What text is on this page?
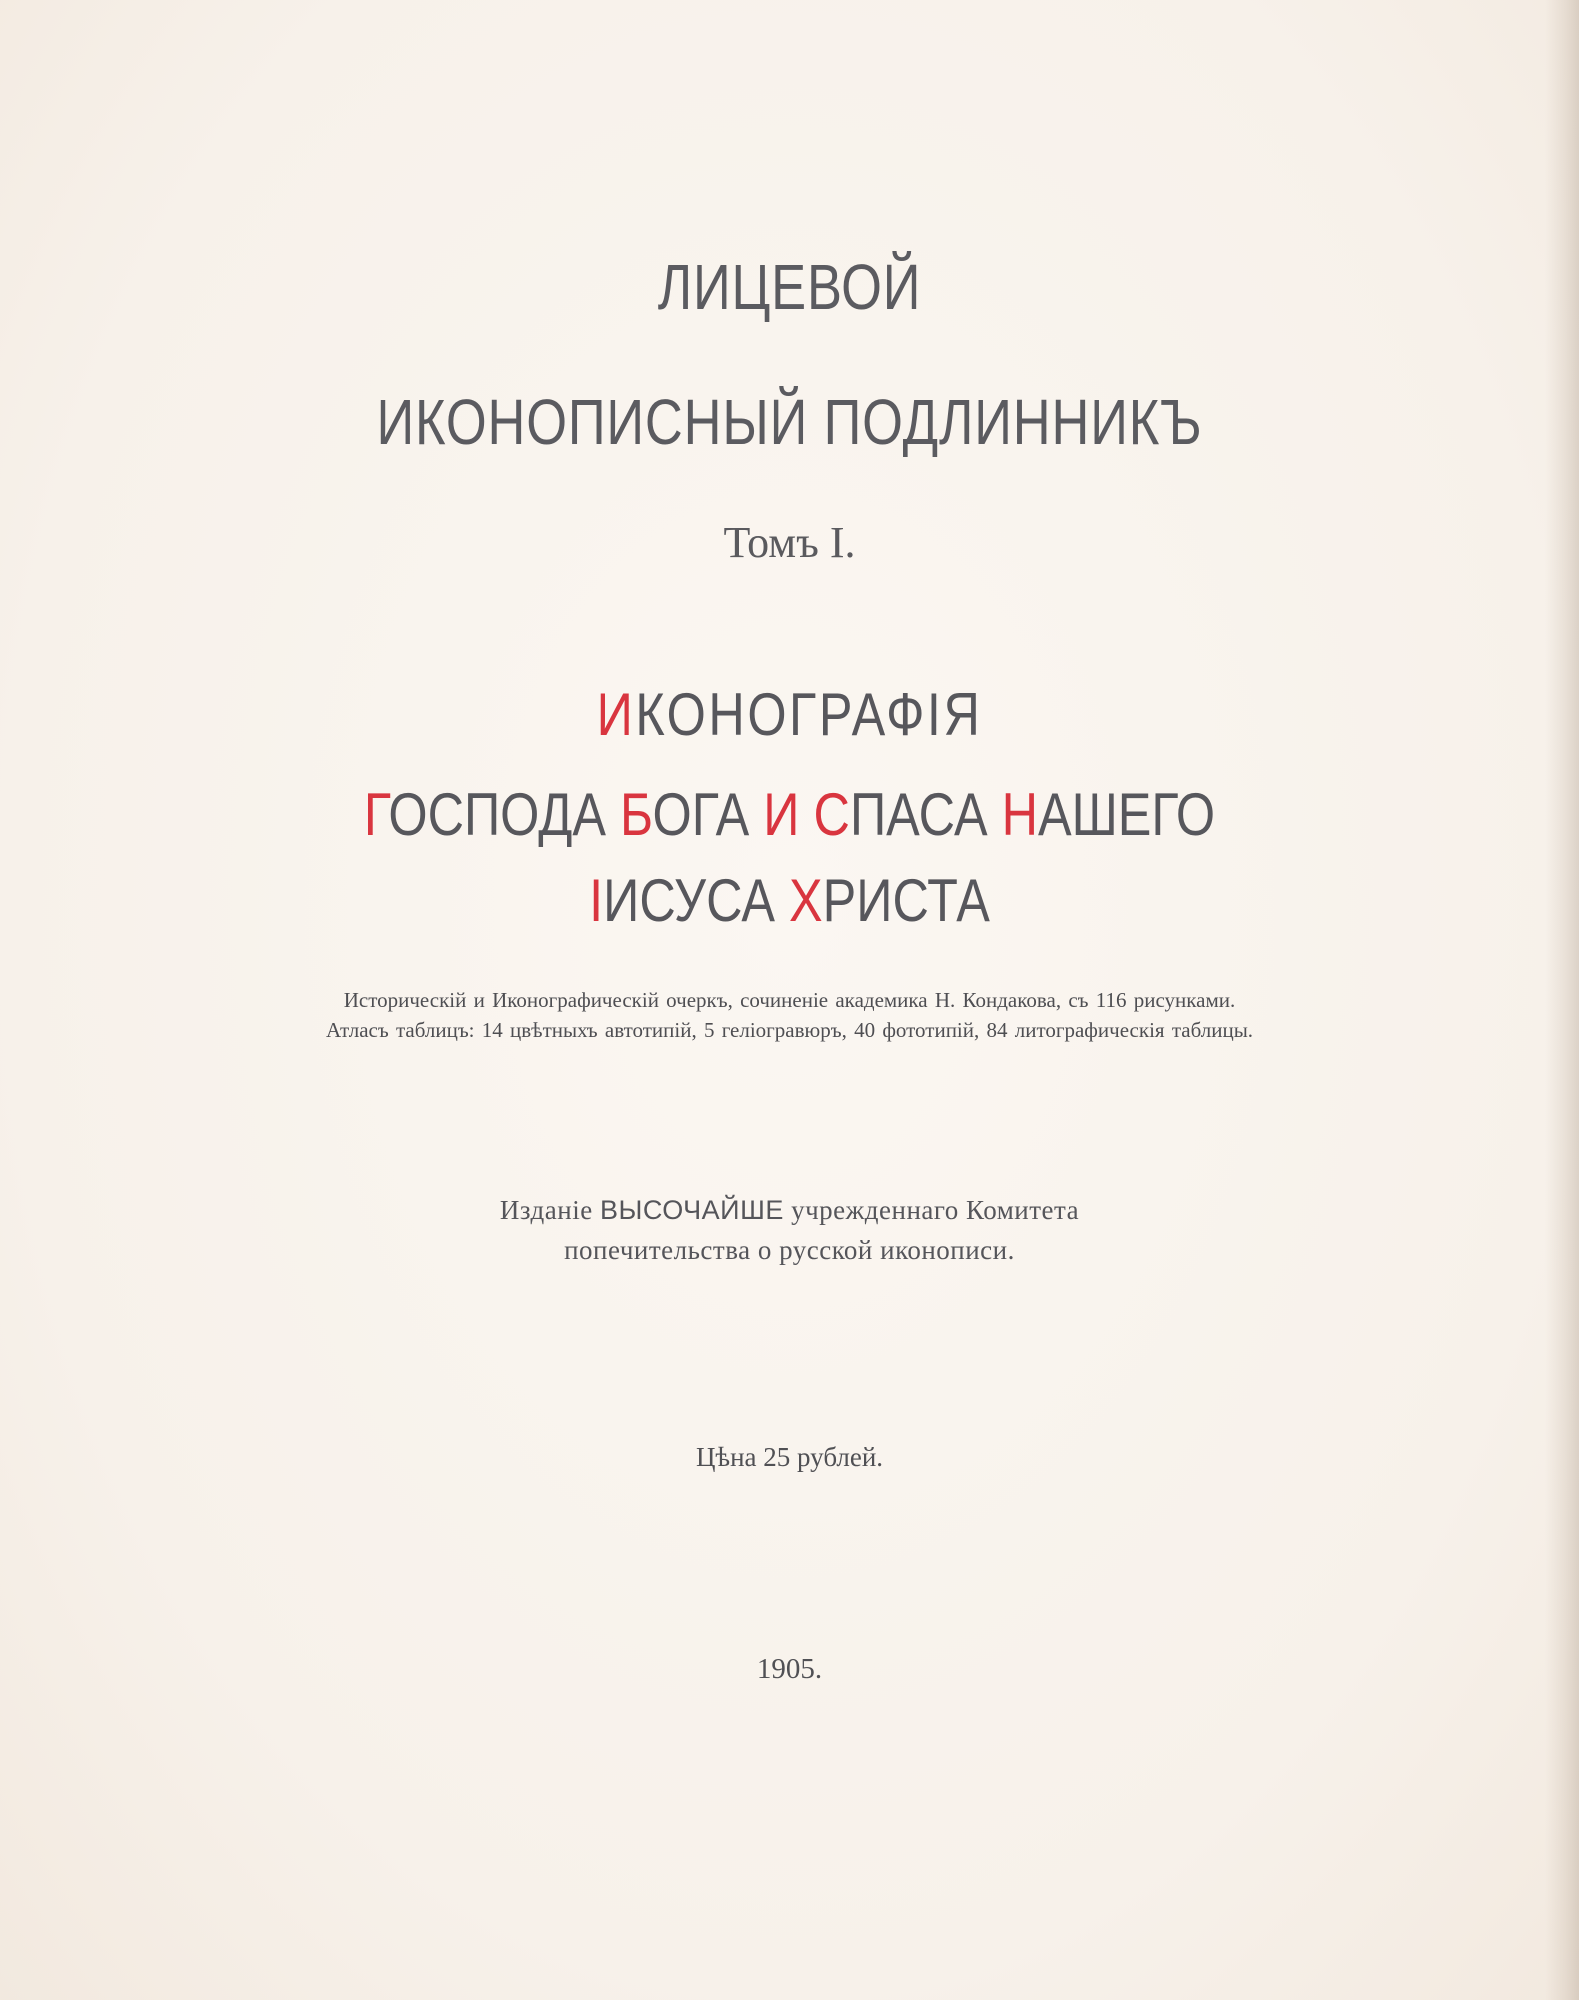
ЛИЦЕВОЙ
ИКОНОПИСНЫЙ ПОДЛИННИКЪ
Томъ I.
ИКОНОГРАФІЯ
ГОСПОДА БОГА И СПАСА НАШЕГО
ІИСУСА ХРИСТА
Историческій и Иконографическій очеркъ, сочиненіе академика Н. Кондакова, съ 116 рисунками.
Атласъ таблицъ: 14 цвѣтныхъ автотипій, 5 геліогравюръ, 40 фототипій, 84 литографическія таблицы.
Изданіе ВЫСОЧАЙШЕ учрежденнаго Комитета
попечительства о русской иконописи.
Цѣна 25 рублей.
1905.
